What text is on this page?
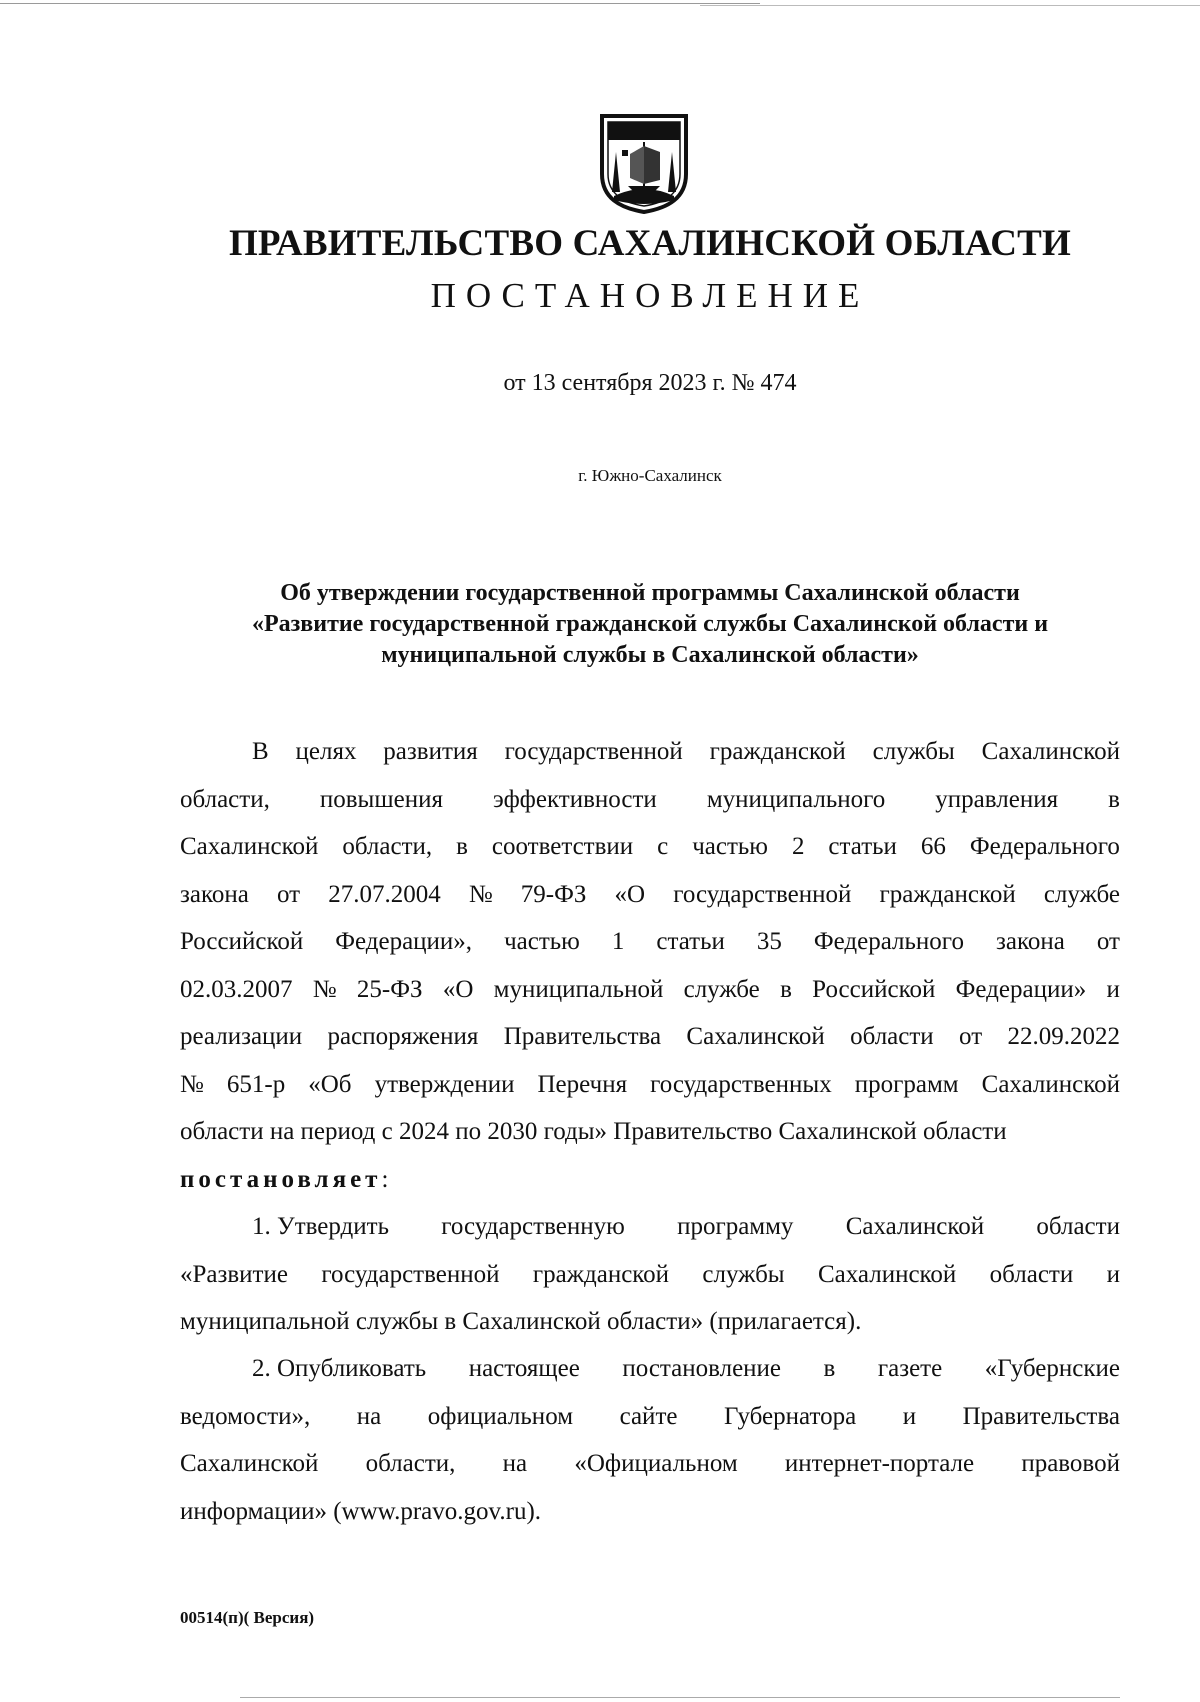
ПРАВИТЕЛЬСТВО САХАЛИНСКОЙ ОБЛАСТИ
ПОСТАНОВЛЕНИЕ
от 13 сентября 2023 г. № 474
г. Южно-Сахалинск
Об утверждении государственной программы Сахалинской области
«Развитие государственной гражданской службы Сахалинской области и
муниципальной службы в Сахалинской области»
В целях развития государственной гражданской службы Сахалинской
области, повышения эффективности муниципального управления в
Сахалинской области, в соответствии с частью 2 статьи 66 Федерального
закона от 27.07.2004 № 79-ФЗ «О государственной гражданской службе
Российской Федерации», частью 1 статьи 35 Федерального закона от
02.03.2007 № 25-ФЗ «О муниципальной службе в Российской Федерации» и
реализации распоряжения Правительства Сахалинской области от 22.09.2022
№ 651-р «Об утверждении Перечня государственных программ Сахалинской
области на период с 2024 по 2030 годы» Правительство Сахалинской области
постановляет :
1. Утвердить государственную программу Сахалинской области
«Развитие государственной гражданской службы Сахалинской области и
муниципальной службы в Сахалинской области» (прилагается).
2. Опубликовать настоящее постановление в газете «Губернские
ведомости», на официальном сайте Губернатора и Правительства
Сахалинской области, на «Официальном интернет-портале правовой
информации» (www.pravo.gov.ru).
00514(п)( Версия)
